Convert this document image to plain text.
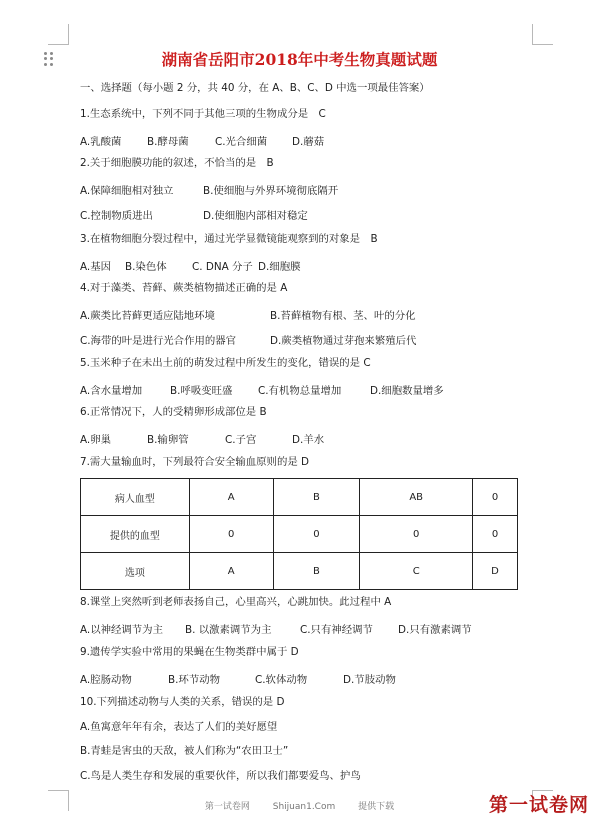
湖南省岳阳市2018年中考生物真题试题
一、选择题（每小题 2 分，共 40 分，在 A、B、C、D 中选一项最佳答案）
1.生态系统中，下列不同于其他三项的生物成分是　C
A.乳酸菌 B.酵母菌	C.光合细菌 D.蘑菇
2.关于细胞膜功能的叙述，不恰当的是　B
A.保障细胞相对独立	B.使细胞与外界环境彻底隔开
C.控制物质进出	D.使细胞内部相对稳定
3.在植物细胞分裂过程中，通过光学显微镜能观察到的对象是　B
A.基因 B.染色体 C. DNA 分子 D.细胞膜
4.对于藻类、苔藓、蕨类植物描述正确的是 A
A.蕨类比苔藓更适应陆地环境	B.苔藓植物有根、茎、叶的分化
C.海带的叶是进行光合作用的器官	D.蕨类植物通过芽孢来繁殖后代
5.玉米种子在未出土前的萌发过程中所发生的变化，错误的是 C
A.含水量增加	B.呼吸变旺盛 C.有机物总量增加	D.细胞数量增多
6.正常情况下，人的受精卵形成部位是 B
A.卵巢	B.输卵管	C.子宫	D.羊水
7.需大量输血时，下列最符合安全输血原则的是 D
病人血型	A	B	AB	0
提供的血型	0	0	0	0
选项	A	B	C	D
8.课堂上突然听到老师表扬自己，心里高兴，心跳加快。此过程中 A
A.以神经调节为主 B. 以激素调节为主	C.只有神经调节 D.只有激素调节
9.遗传学实验中常用的果蝇在生物类群中属于 D
A.腔肠动物	B.环节动物	C.软体动物	D.节肢动物
10.下列描述动物与人类的关系，错误的是 D
A.鱼寓意年年有余，表达了人们的美好愿望
B.青蛙是害虫的天敌，被人们称为“农田卫士”
C.鸟是人类生存和发展的重要伙伴，所以我们都要爱鸟、护鸟
第一试卷网	Shijuan1.Com	提供下载	第一试卷网
